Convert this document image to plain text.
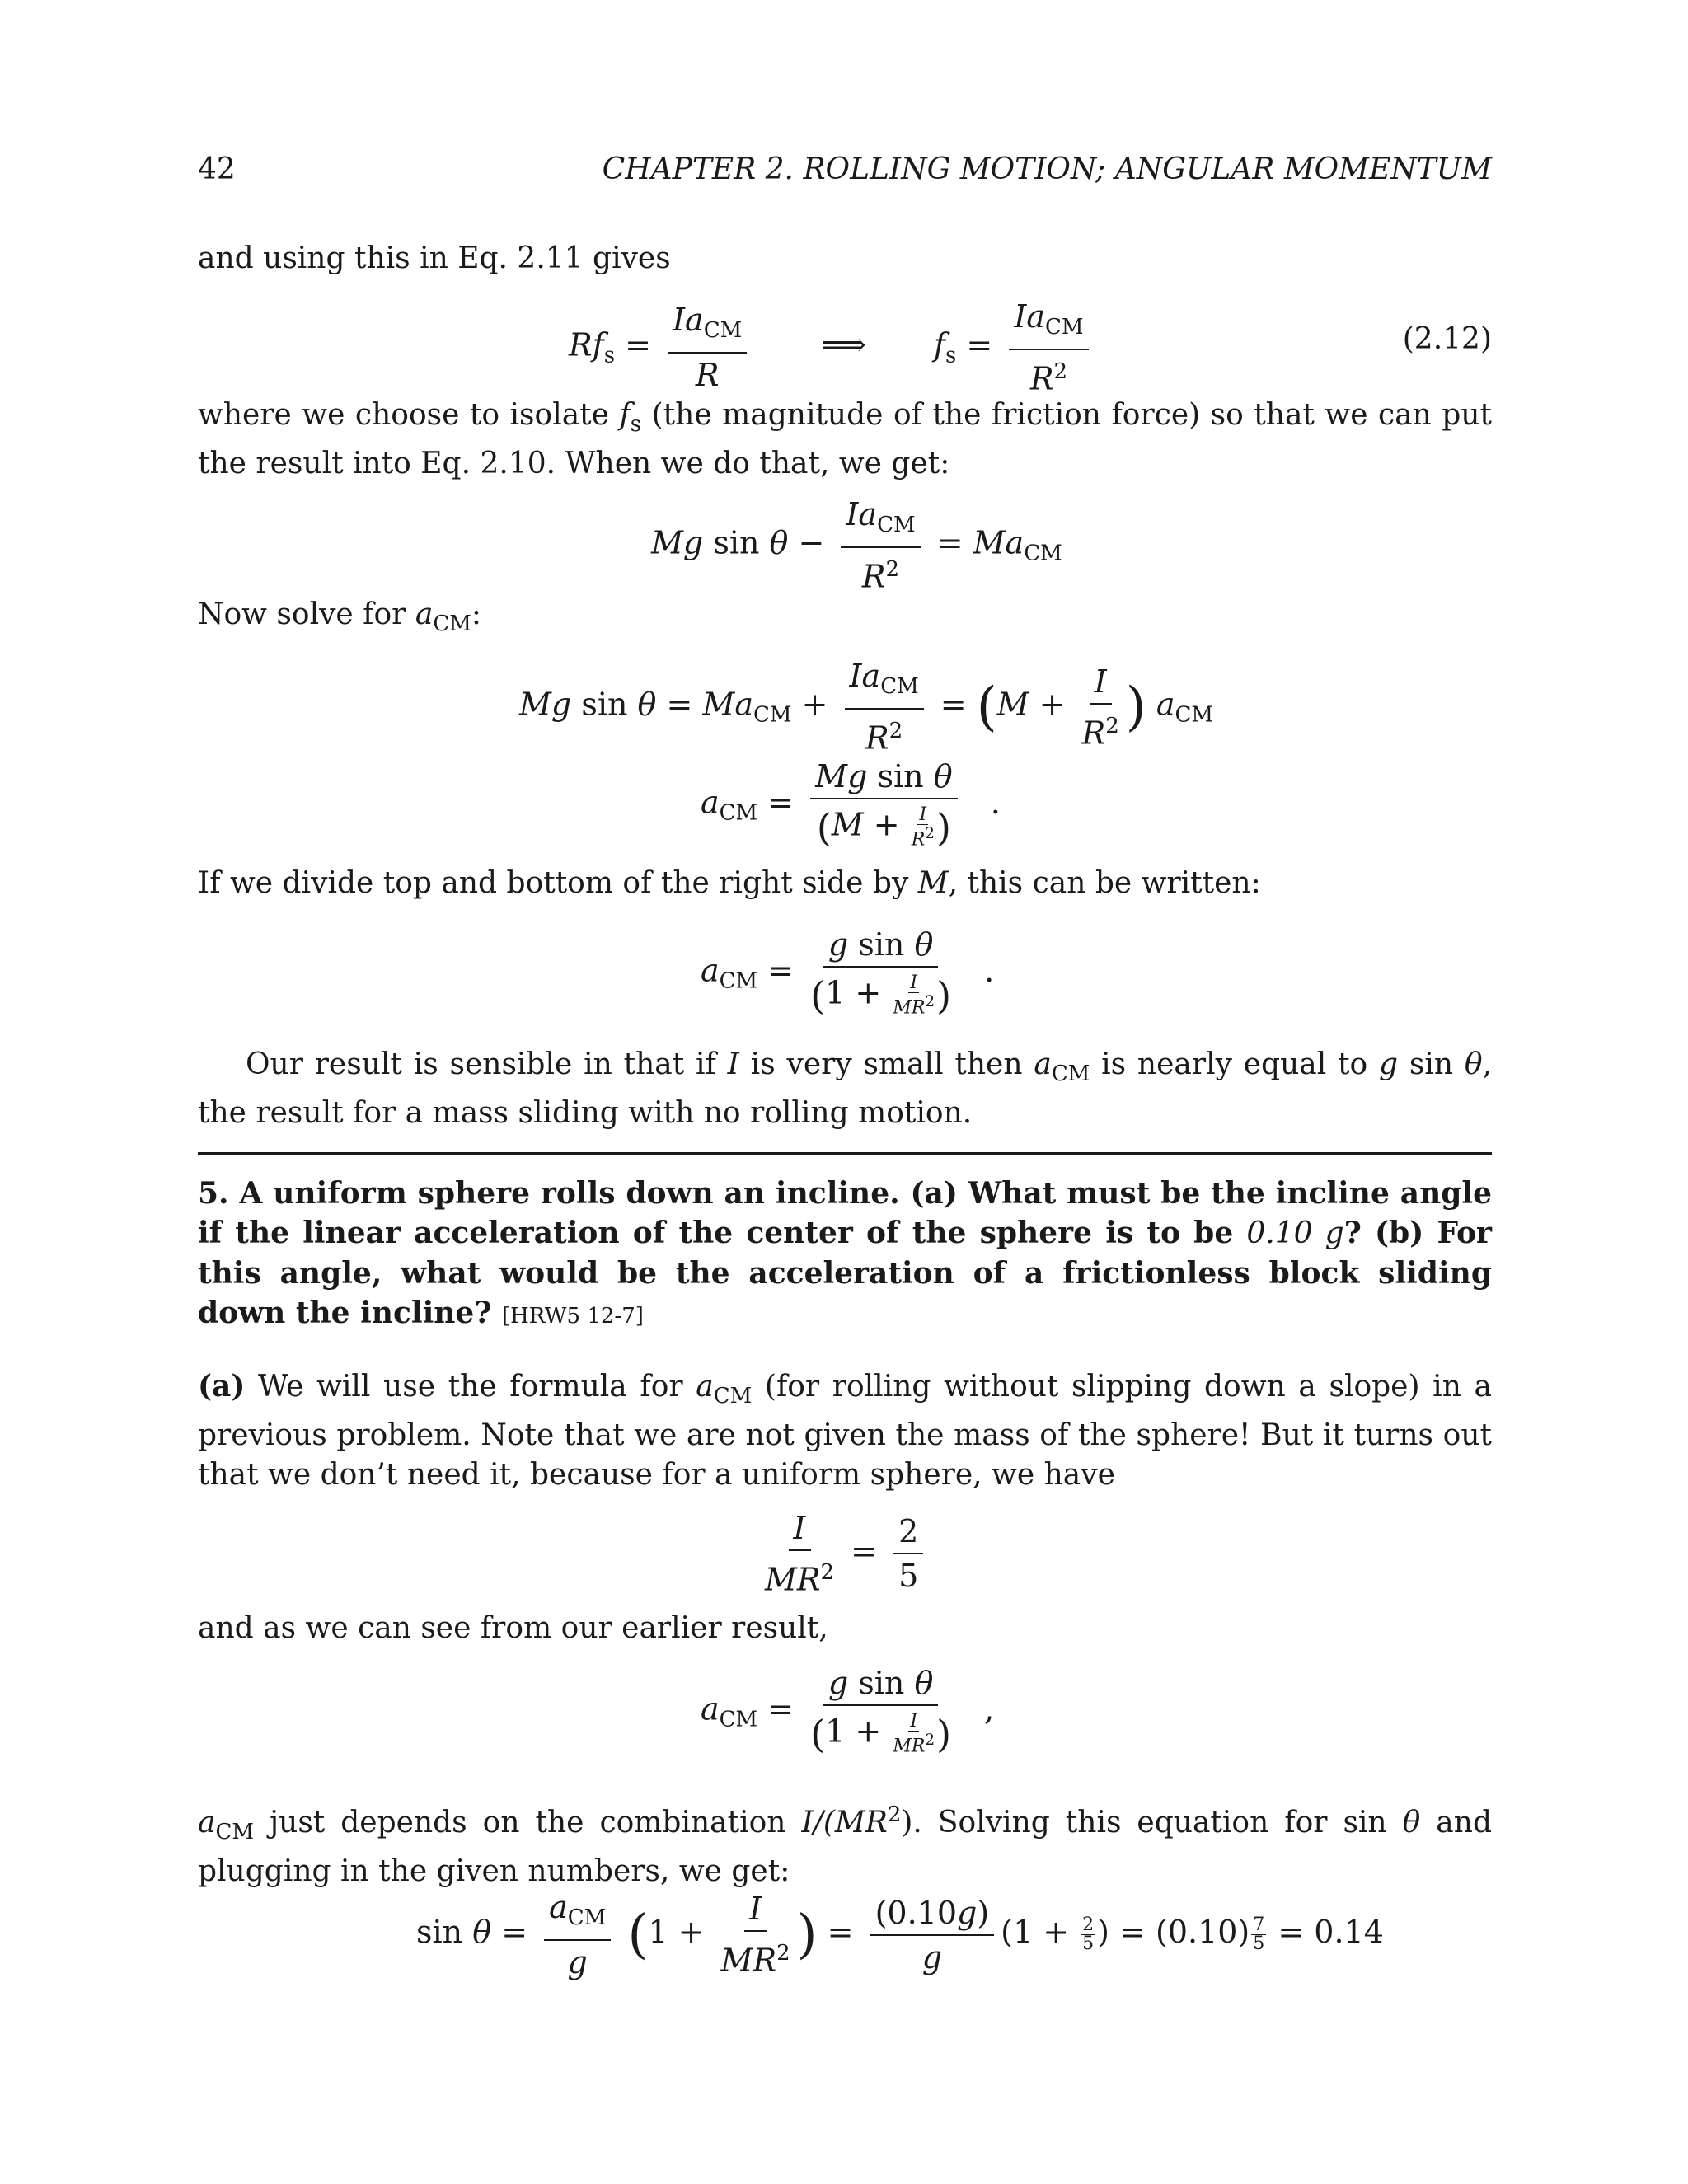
42	CHAPTER 2. ROLLING MOTION; ANGULAR MOMENTUM
and using this in Eq. 2.11 gives
$Rf_s = \frac{Ia_{CM}}{R}$ ⟹ $f_s = \frac{Ia_{CM}}{R^2}$	(2.12)
where we choose to isolate $f_s$ (the magnitude of the friction force) so that we can put the result into Eq. 2.10. When we do that, we get:
Mg $\sin \theta - \frac{Ia_{CM}}{R^2} = Ma_{CM}$
Now solve for $a_{CM}$:
Mg $\sin \theta = Ma_{CM} + \frac{Ia_{CM}}{R^2} = (M + \frac{I}{R^2}$ ) $a_{CM}$
$a_{CM} = \frac{\text{Mg sin θ}}{(M + \frac{I}{R^2} )}$ .
If we divide top and bottom of the right side by M, this can be written:
$a_{CM} = \frac{\text{g sin θ}}{(1 + \frac{I}{MR^2} )}$ .
Our result is sensible in that if I is very small then $a_{CM}$ is nearly equal to g sin θ, the result for a mass sliding with no rolling motion.
5. A uniform sphere rolls down an incline. (a) What must be the incline angle if the linear acceleration of the center of the sphere is to be 0.10 g? (b) For this angle, what would be the acceleration of a frictionless block sliding down the incline? [HRW5 12-7]
(a) We will use the formula for $a_{CM}$ (for rolling without slipping down a slope) in a previous problem. Note that we are not given the mass of the sphere! But it turns out that we don’t need it, because for a uniform sphere, we have
$\frac{I}{MR^2} = \frac{2}{5}$
and as we can see from our earlier result,
$a_{CM} = \frac{\text{g sin θ}}{(1 + \frac{I}{MR^2} )}$ ,
$a_{CM}$ just depends on the combination $I/(MR^2)$. Solving this equation for sin θ and plugging in the given numbers, we get:
$\sin \theta = \frac{a_{CM}}{g} (1 + \frac{I}{MR^2}$ ) = $\frac{(0.10g)}{g} (1 + \frac{2}{5}$ ) = $(0.10) \frac{7}{5} = 0.14$
